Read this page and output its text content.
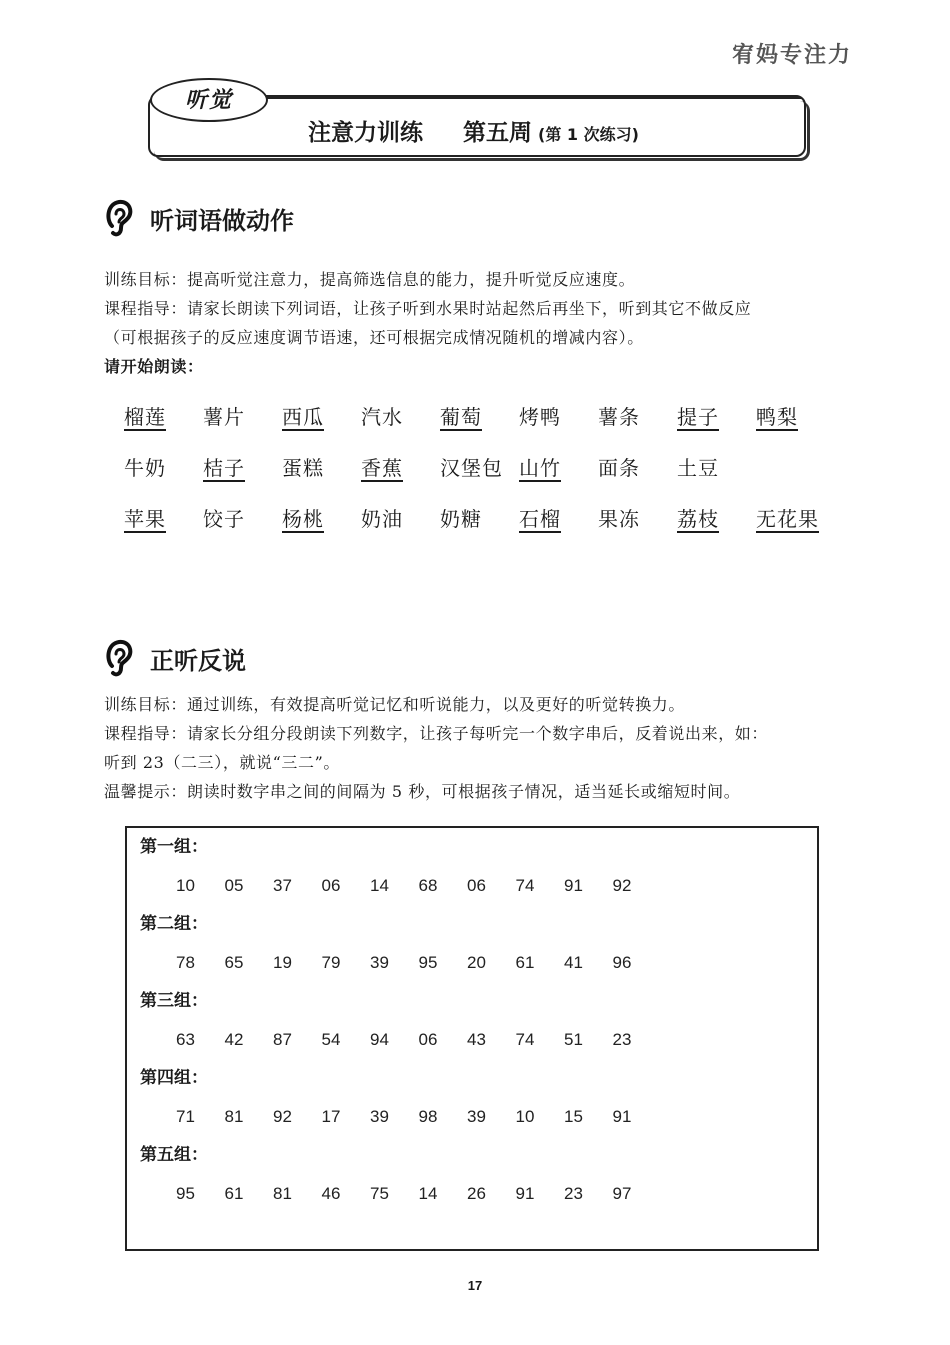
宥妈专注力
听觉
注意力训练 第五周 (第 1 次练习)
听词语做动作

训练目标：提高听觉注意力，提高筛选信息的能力，提升听觉反应速度。

课程指导：请家长朗读下列词语，让孩子听到水果时站起然后再坐下，听到其它不做反应

（可根据孩子的反应速度调节语速，还可根据完成情况随机的增减内容）。

请开始朗读：

榴莲	薯片	西瓜	汽水	葡萄	烤鸭	薯条	提子	鸭梨
牛奶	桔子	蛋糕	香蕉	汉堡包 山竹	面条	土豆
苹果	饺子	杨桃	奶油	奶糖	石榴	果冻	荔枝	无花果
正听反说

训练目标：通过训练，有效提高听觉记忆和听说能力，以及更好的听觉转换力。

课程指导：请家长分组分段朗读下列数字，让孩子每听完一个数字串后，反着说出来，如：

听到 23（二三），就说“三二”。

温馨提示：朗读时数字串之间的间隔为 5 秒，可根据孩子情况，适当延长或缩短时间。

第一组：
10	05	37	06	14	68	06	74	91	92
第二组：
78	65	19	79	39	95	20	61	41	96
第三组：
63	42	87	54	94	06	43	74	51	23
第四组：
71	81	92	17	39	98	39	10	15	91
第五组：
95	61	81	46	75	14	26	91	23	97
17
